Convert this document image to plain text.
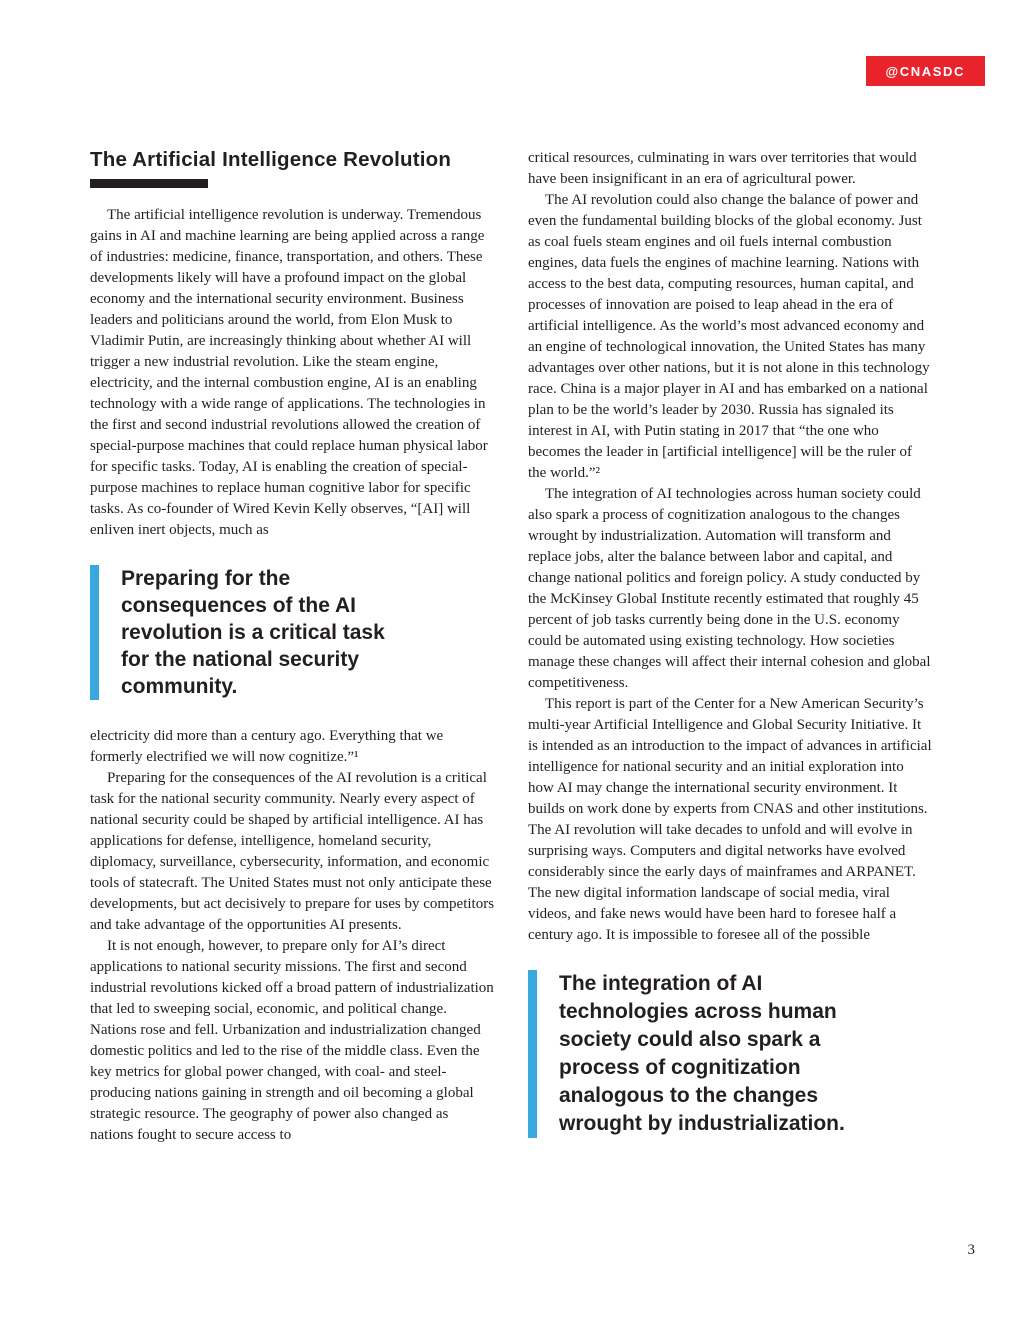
@CNASDC
The Artificial Intelligence Revolution

The artificial intelligence revolution is underway. Tremendous gains in AI and machine learning are being applied across a range of industries: medicine, finance, transportation, and others. These developments likely will have a profound impact on the global economy and the international security environment. Business leaders and politicians around the world, from Elon Musk to Vladimir Putin, are increasingly thinking about whether AI will trigger a new industrial revolution. Like the steam engine, electricity, and the internal combustion engine, AI is an enabling technology with a wide range of applications. The technologies in the first and second industrial revolutions allowed the creation of special-purpose machines that could replace human physical labor for specific tasks. Today, AI is enabling the creation of special-purpose machines to replace human cognitive labor for specific tasks. As co-founder of Wired Kevin Kelly observes, “[AI] will enliven inert objects, much as

Preparing for the consequences of the AI revolution is a critical task for the national security community.

electricity did more than a century ago. Everything that we formerly electrified we will now cognitize.”¹

Preparing for the consequences of the AI revolution is a critical task for the national security community. Nearly every aspect of national security could be shaped by artificial intelligence. AI has applications for defense, intelligence, homeland security, diplomacy, surveillance, cybersecurity, information, and economic tools of statecraft. The United States must not only anticipate these developments, but act decisively to prepare for uses by competitors and take advantage of the opportunities AI presents.

It is not enough, however, to prepare only for AI’s direct applications to national security missions. The first and second industrial revolutions kicked off a broad pattern of industrialization that led to sweeping social, economic, and political change. Nations rose and fell. Urbanization and industrialization changed domestic politics and led to the rise of the middle class. Even the key metrics for global power changed, with coal- and steel-producing nations gaining in strength and oil becoming a global strategic resource. The geography of power also changed as nations fought to secure access to

critical resources, culminating in wars over territories that would have been insignificant in an era of agricultural power.

The AI revolution could also change the balance of power and even the fundamental building blocks of the global economy. Just as coal fuels steam engines and oil fuels internal combustion engines, data fuels the engines of machine learning. Nations with access to the best data, computing resources, human capital, and processes of innovation are poised to leap ahead in the era of artificial intelligence. As the world’s most advanced economy and an engine of technological innovation, the United States has many advantages over other nations, but it is not alone in this technology race. China is a major player in AI and has embarked on a national plan to be the world’s leader by 2030. Russia has signaled its interest in AI, with Putin stating in 2017 that “the one who becomes the leader in [artificial intelligence] will be the ruler of the world.”²

The integration of AI technologies across human society could also spark a process of cognitization analogous to the changes wrought by industrialization. Automation will transform and replace jobs, alter the balance between labor and capital, and change national politics and foreign policy. A study conducted by the McKinsey Global Institute recently estimated that roughly 45 percent of job tasks currently being done in the U.S. economy could be automated using existing technology. How societies manage these changes will affect their internal cohesion and global competitiveness.

This report is part of the Center for a New American Security’s multi-year Artificial Intelligence and Global Security Initiative. It is intended as an introduction to the impact of advances in artificial intelligence for national security and an initial exploration into how AI may change the international security environment. It builds on work done by experts from CNAS and other institutions. The AI revolution will take decades to unfold and will evolve in surprising ways. Computers and digital networks have evolved considerably since the early days of mainframes and ARPANET. The new digital information landscape of social media, viral videos, and fake news would have been hard to foresee half a century ago. It is impossible to foresee all of the possible

The integration of AI technologies across human society could also spark a process of cognitization analogous to the changes wrought by industrialization.
3
